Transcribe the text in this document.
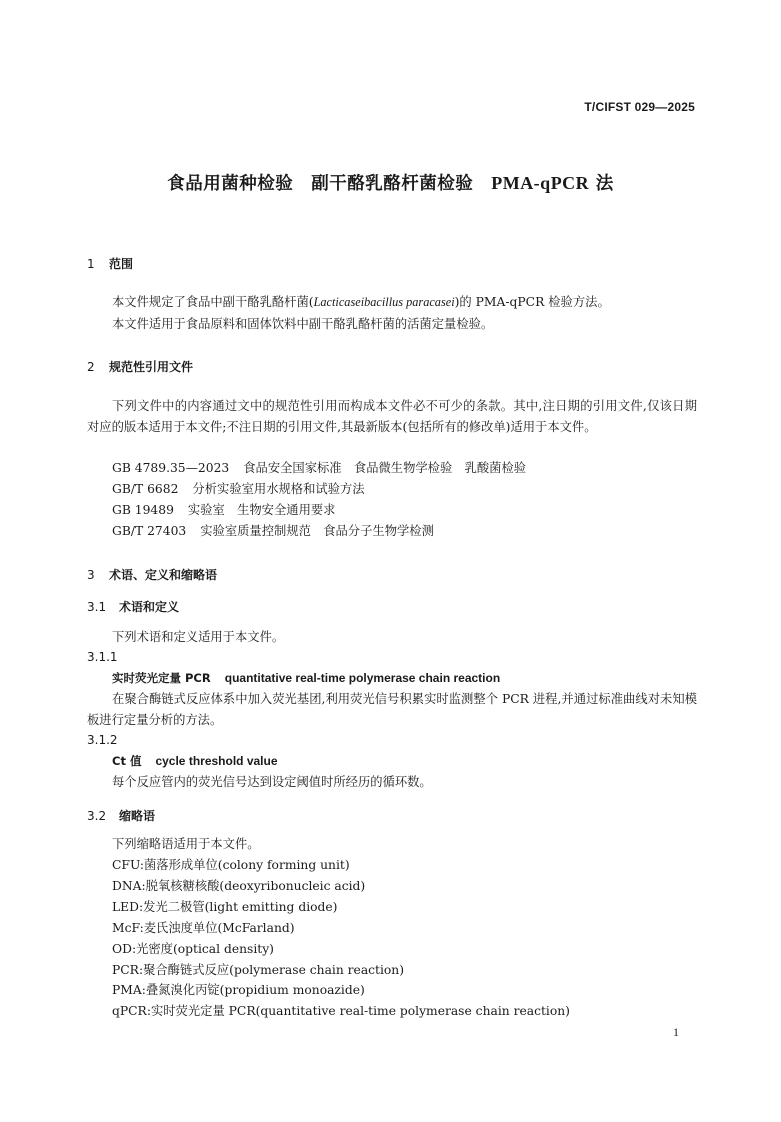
T/CIFST 029—2025
食品用菌种检验　副干酪乳酪杆菌检验　PMA-qPCR 法
1 范围
本文件规定了食品中副干酪乳酪杆菌(Lacticaseibacillus paracasei)的 PMA-qPCR 检验方法。
本文件适用于食品原料和固体饮料中副干酪乳酪杆菌的活菌定量检验。
2 规范性引用文件
下列文件中的内容通过文中的规范性引用而构成本文件必不可少的条款。其中,注日期的引用文件,仅该日期对应的版本适用于本文件;不注日期的引用文件,其最新版本(包括所有的修改单)适用于本文件。
GB 4789.35—2023 食品安全国家标准　食品微生物学检验　乳酸菌检验
GB/T 6682 分析实验室用水规格和试验方法
GB 19489 实验室　生物安全通用要求
GB/T 27403 实验室质量控制规范　食品分子生物学检测
3 术语、定义和缩略语
3.1 术语和定义
下列术语和定义适用于本文件。
3.1.1
实时荧光定量 PCR quantitative real-time polymerase chain reaction
在聚合酶链式反应体系中加入荧光基团,利用荧光信号积累实时监测整个 PCR 进程,并通过标准曲线对未知模板进行定量分析的方法。
3.1.2
Ct 值 cycle threshold value
每个反应管内的荧光信号达到设定阈值时所经历的循环数。
3.2 缩略语
下列缩略语适用于本文件。
CFU:菌落形成单位(colony forming unit)
DNA:脱氧核糖核酸(deoxyribonucleic acid)
LED:发光二极管(light emitting diode)
McF:麦氏浊度单位(McFarland)
OD:光密度(optical density)
PCR:聚合酶链式反应(polymerase chain reaction)
PMA:叠氮溴化丙锭(propidium monoazide)
qPCR:实时荧光定量 PCR(quantitative real-time polymerase chain reaction)
1
